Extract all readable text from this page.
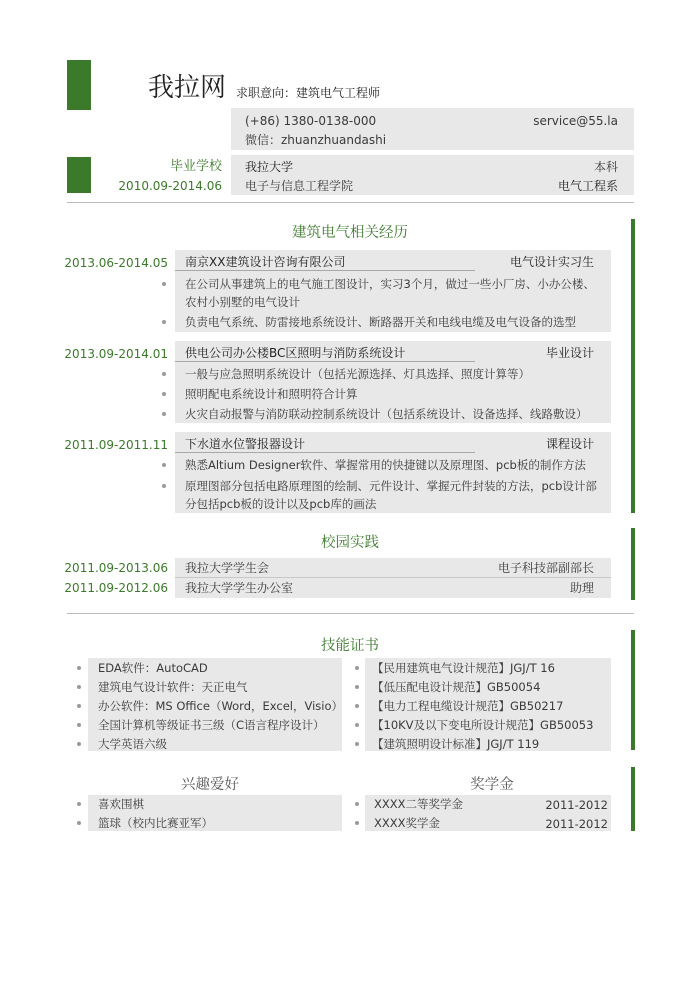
我拉网 求职意向：建筑电气工程师
(+86) 1380-0138-000	service@55.la
微信：zhuanzhuandashi
毕业学校
2010.09-2014.06
我拉大学	本科
电子与信息工程学院	电气工程系
建筑电气相关经历
2013.06-2014.05 南京XX建筑设计咨询有限公司	电气设计实习生
在公司从事建筑上的电气施工图设计，实习3个月，做过一些小厂房、小办公楼、
农村小别墅的电气设计
负责电气系统、防雷接地系统设计、断路器开关和电线电缆及电气设备的选型
2013.09-2014.01 供电公司办公楼BC区照明与消防系统设计	毕业设计
一般与应急照明系统设计（包括光源选择、灯具选择、照度计算等）
照明配电系统设计和照明符合计算
火灾自动报警与消防联动控制系统设计（包括系统设计、设备选择、线路敷设）
2011.09-2011.11 下水道水位警报器设计	课程设计
熟悉Altium Designer软件、掌握常用的快捷键以及原理图、pcb板的制作方法
原理图部分包括电路原理图的绘制、元件设计、掌握元件封装的方法，pcb设计部
分包括pcb板的设计以及pcb库的画法
校园实践
2011.09-2013.06 我拉大学学生会	电子科技部副部长
2011.09-2012.06 我拉大学学生办公室	助理
技能证书
EDA软件：AutoCAD
建筑电气设计软件：天正电气
办公软件：MS Office（Word，Excel，Visio）
全国计算机等级证书三级（C语言程序设计）
大学英语六级
【民用建筑电气设计规范】JGJ/T 16
【低压配电设计规范】GB50054
【电力工程电缆设计规范】GB50217
【10KV及以下变电所设计规范】GB50053
【建筑照明设计标准】JGJ/T 119
兴趣爱好
喜欢围棋
篮球（校内比赛亚军）
奖学金
XXXX二等奖学金	2011-2012
XXXX奖学金	2011-2012
